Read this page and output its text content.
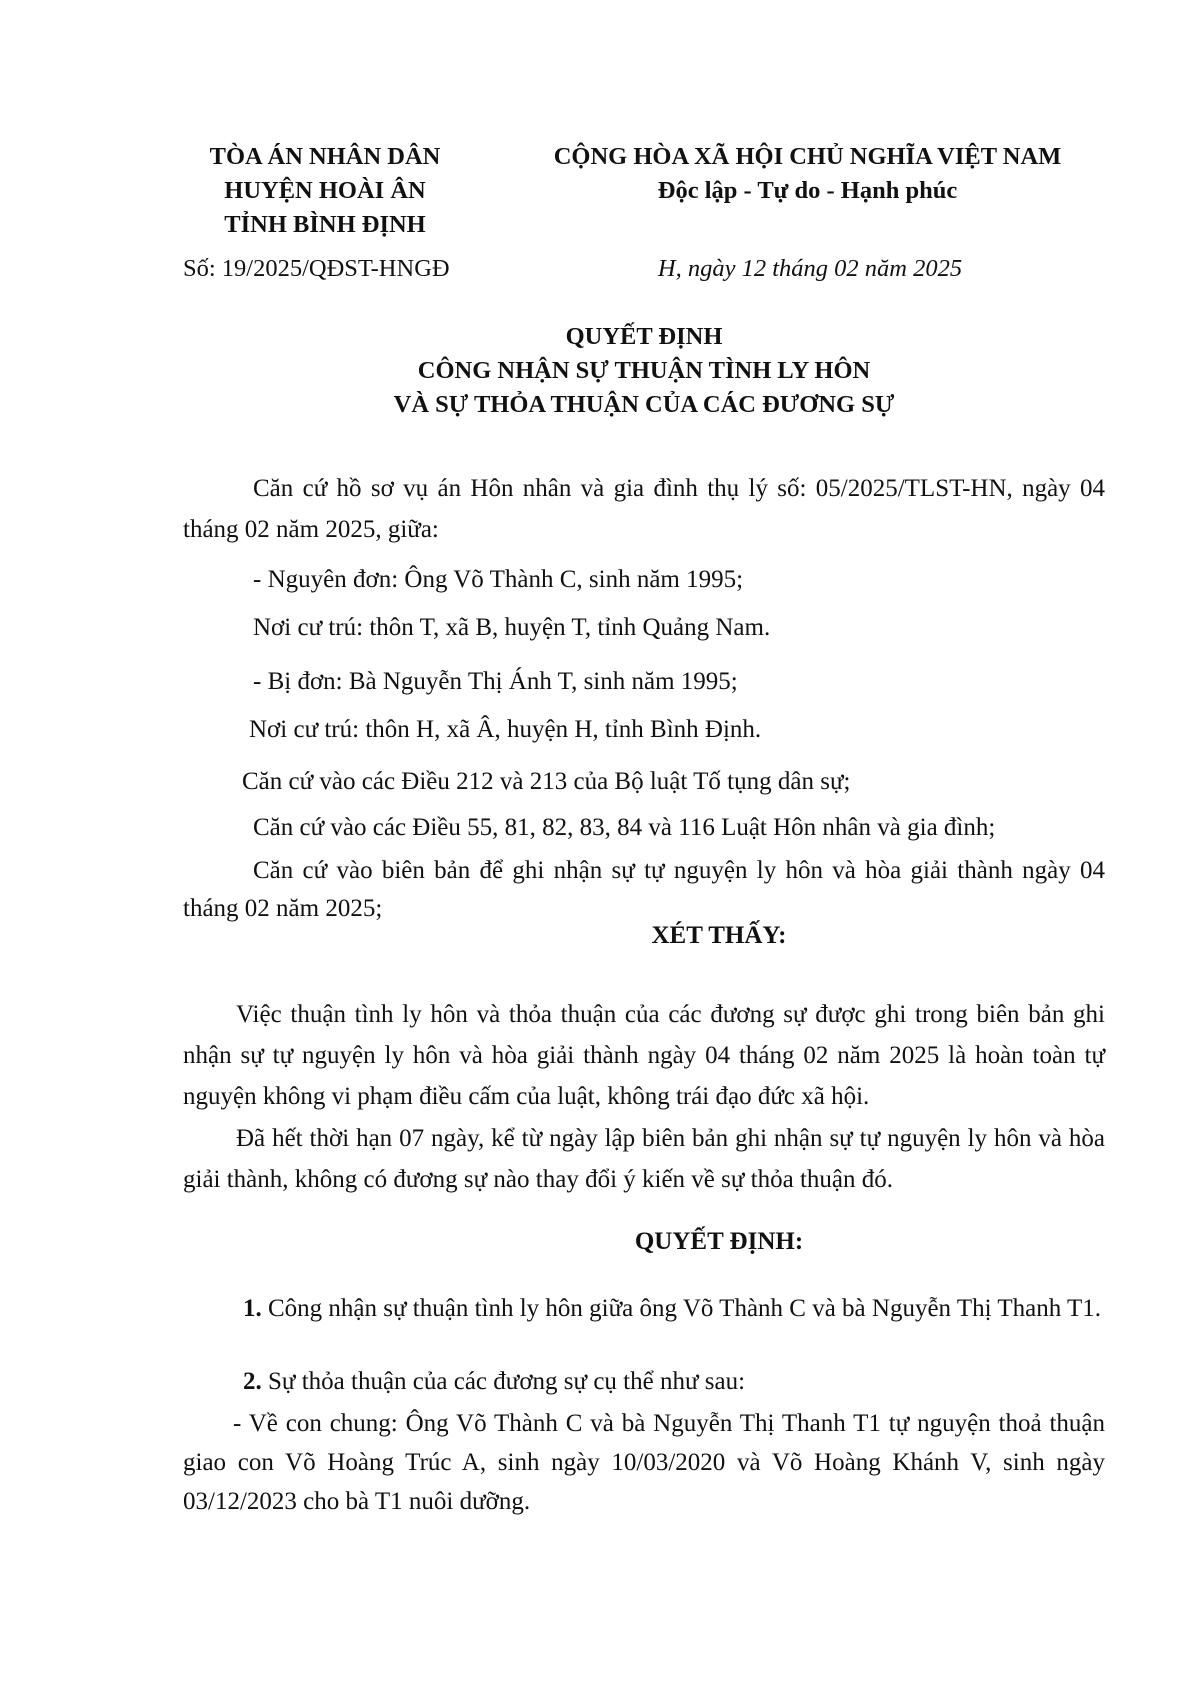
TÒA ÁN NHÂN DÂN
HUYỆN HOÀI ÂN
TỈNH BÌNH ĐỊNH
Số: 19/2025/QĐST-HNGĐ
CỘNG HÒA XÃ HỘI CHỦ NGHĨA VIỆT NAM
Độc lập - Tự do - Hạnh phúc
H, ngày 12 tháng 02 năm 2025
QUYẾT ĐỊNH
CÔNG NHẬN SỰ THUẬN TÌNH LY HÔN
VÀ SỰ THỎA THUẬN CỦA CÁC ĐƯƠNG SỰ
Căn cứ hồ sơ vụ án Hôn nhân và gia đình thụ lý số: 05/2025/TLST-HN, ngày 04 tháng 02 năm 2025, giữa:
- Nguyên đơn: Ông Võ Thành C, sinh năm 1995;
Nơi cư trú: thôn T, xã B, huyện T, tỉnh Quảng Nam.
- Bị đơn: Bà Nguyễn Thị Ánh T, sinh năm 1995;
Nơi cư trú: thôn H, xã Â, huyện H, tỉnh Bình Định.
Căn cứ vào các Điều 212 và 213 của Bộ luật Tố tụng dân sự;
Căn cứ vào các Điều 55, 81, 82, 83, 84 và 116 Luật Hôn nhân và gia đình;
Căn cứ vào biên bản để ghi nhận sự tự nguyện ly hôn và hòa giải thành ngày 04 tháng 02 năm 2025;
XÉT THẤY:
Việc thuận tình ly hôn và thỏa thuận của các đương sự được ghi trong biên bản ghi nhận sự tự nguyện ly hôn và hòa giải thành ngày 04 tháng 02 năm 2025 là hoàn toàn tự nguyện không vi phạm điều cấm của luật, không trái đạo đức xã hội.
Đã hết thời hạn 07 ngày, kể từ ngày lập biên bản ghi nhận sự tự nguyện ly hôn và hòa giải thành, không có đương sự nào thay đổi ý kiến về sự thỏa thuận đó.
QUYẾT ĐỊNH:
1. Công nhận sự thuận tình ly hôn giữa ông Võ Thành C và bà Nguyễn Thị Thanh T1.
2. Sự thỏa thuận của các đương sự cụ thể như sau:
- Về con chung: Ông Võ Thành C và bà Nguyễn Thị Thanh T1 tự nguyện thoả thuận giao con Võ Hoàng Trúc A, sinh ngày 10/03/2020 và Võ Hoàng Khánh V, sinh ngày 03/12/2023 cho bà T1 nuôi dưỡng.
